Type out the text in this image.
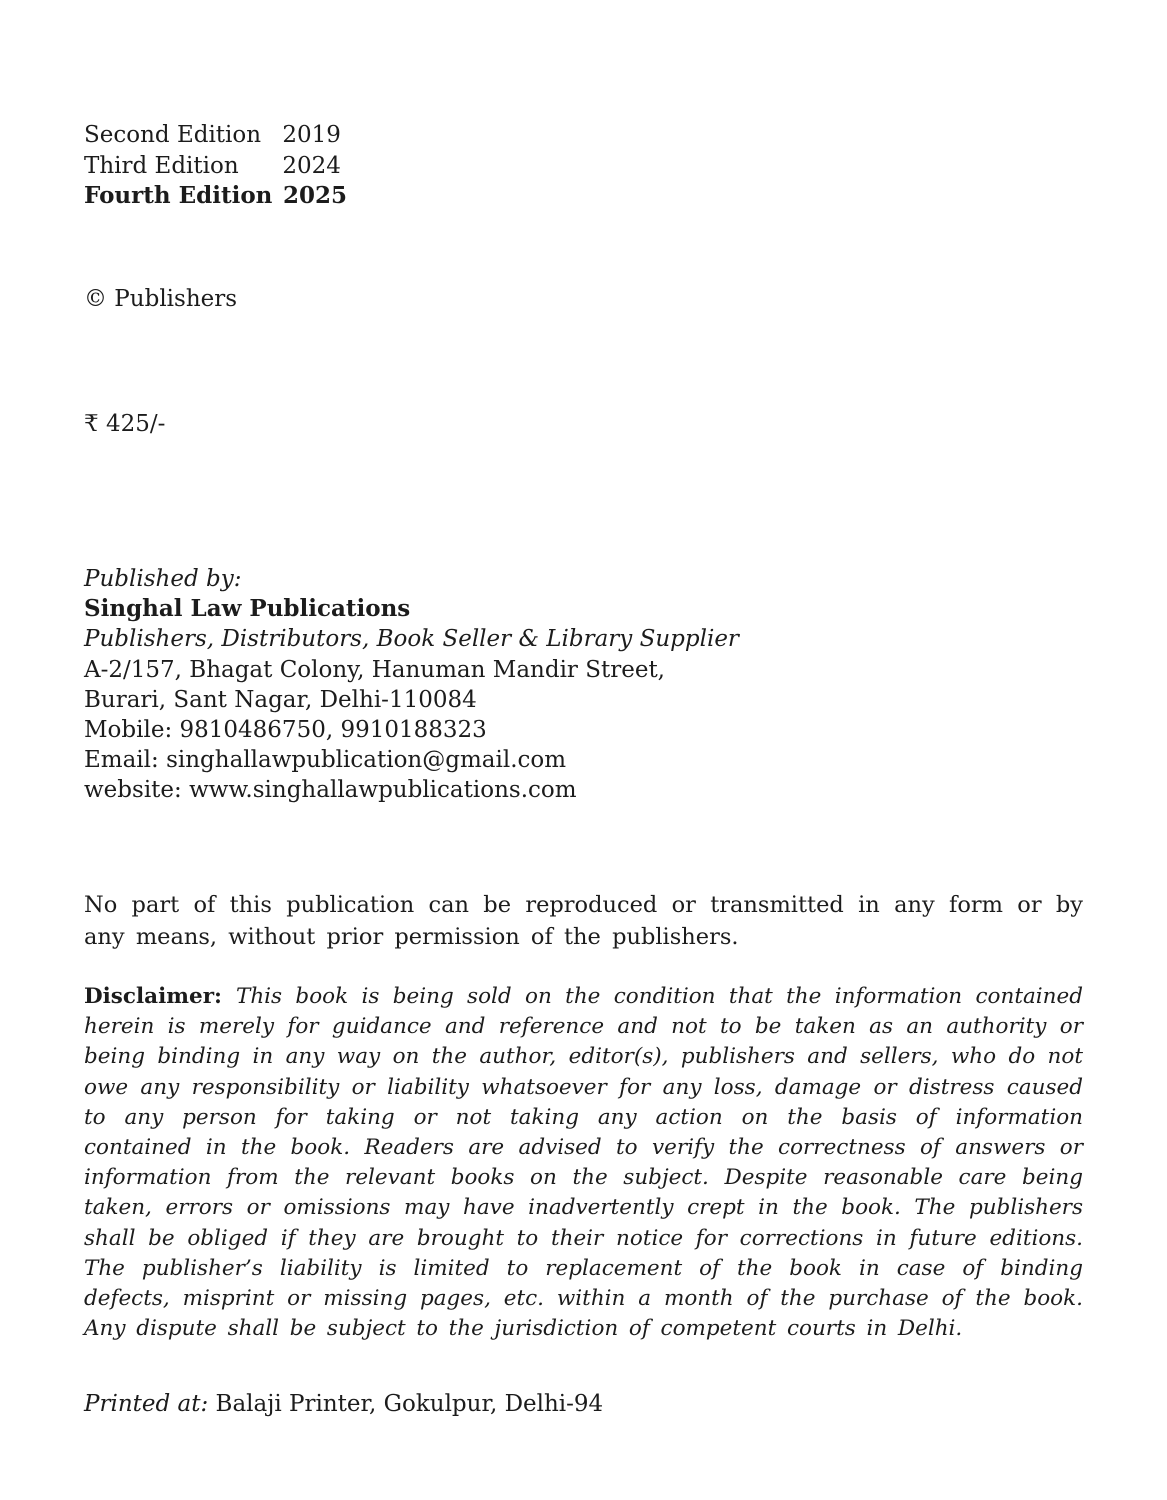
Second Edition 2019
Third Edition 2024
Fourth Edition 2025
© Publishers
₹ 425/-
Published by:
Singhal Law Publications
Publishers, Distributors, Book Seller & Library Supplier
A-2/157, Bhagat Colony, Hanuman Mandir Street,
Burari, Sant Nagar, Delhi-110084
Mobile: 9810486750, 9910188323
Email: singhallawpublication@gmail.com
website: www.singhallawpublications.com
No part of this publication can be reproduced or transmitted in any form or by any means, without prior permission of the publishers.
Disclaimer: This book is being sold on the condition that the information contained herein is merely for guidance and reference and not to be taken as an authority or being binding in any way on the author, editor(s), publishers and sellers, who do not owe any responsibility or liability whatsoever for any loss, damage or distress caused to any person for taking or not taking any action on the basis of information contained in the book. Readers are advised to verify the correctness of answers or information from the relevant books on the subject. Despite reasonable care being taken, errors or omissions may have inadvertently crept in the book. The publishers shall be obliged if they are brought to their notice for corrections in future editions. The publisher’s liability is limited to replacement of the book in case of binding defects, misprint or missing pages, etc. within a month of the purchase of the book. Any dispute shall be subject to the jurisdiction of competent courts in Delhi.
Printed at: Balaji Printer, Gokulpur, Delhi-94
